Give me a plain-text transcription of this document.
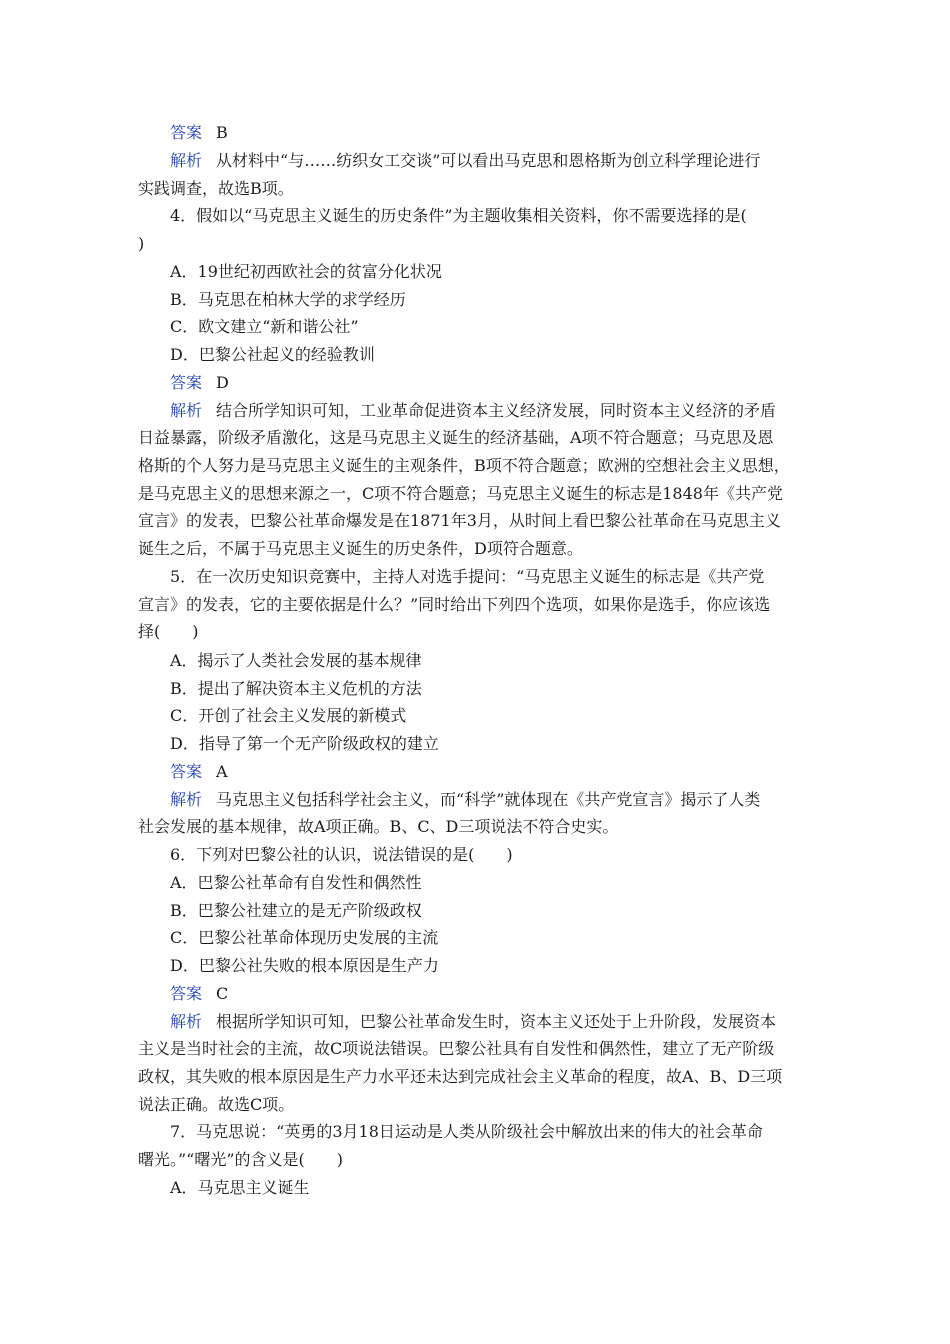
答案 B
解析 从材料中“与……纺织女工交谈”可以看出马克思和恩格斯为创立科学理论进行
实践调查，故选B项。
4．假如以“马克思主义诞生的历史条件”为主题收集相关资料，你不需要选择的是(
)
A．19世纪初西欧社会的贫富分化状况
B．马克思在柏林大学的求学经历
C．欧文建立“新和谐公社”
D．巴黎公社起义的经验教训
答案 D
解析 结合所学知识可知，工业革命促进资本主义经济发展，同时资本主义经济的矛盾
日益暴露，阶级矛盾激化，这是马克思主义诞生的经济基础，A项不符合题意；马克思及恩
格斯的个人努力是马克思主义诞生的主观条件，B项不符合题意；欧洲的空想社会主义思想，
是马克思主义的思想来源之一，C项不符合题意；马克思主义诞生的标志是1848年《共产党
宣言》的发表，巴黎公社革命爆发是在1871年3月，从时间上看巴黎公社革命在马克思主义
诞生之后，不属于马克思主义诞生的历史条件，D项符合题意。
5．在一次历史知识竞赛中，主持人对选手提问：“马克思主义诞生的标志是《共产党
宣言》的发表，它的主要依据是什么？”同时给出下列四个选项，如果你是选手，你应该选
择(　　)
A．揭示了人类社会发展的基本规律
B．提出了解决资本主义危机的方法
C．开创了社会主义发展的新模式
D．指导了第一个无产阶级政权的建立
答案 A
解析 马克思主义包括科学社会主义，而“科学”就体现在《共产党宣言》揭示了人类
社会发展的基本规律，故A项正确。B、C、D三项说法不符合史实。
6．下列对巴黎公社的认识，说法错误的是(　　)
A．巴黎公社革命有自发性和偶然性
B．巴黎公社建立的是无产阶级政权
C．巴黎公社革命体现历史发展的主流
D．巴黎公社失败的根本原因是生产力
答案 C
解析 根据所学知识可知，巴黎公社革命发生时，资本主义还处于上升阶段，发展资本
主义是当时社会的主流，故C项说法错误。巴黎公社具有自发性和偶然性，建立了无产阶级
政权，其失败的根本原因是生产力水平还未达到完成社会主义革命的程度，故A、B、D三项
说法正确。故选C项。
7．马克思说：“英勇的3月18日运动是人类从阶级社会中解放出来的伟大的社会革命
曙光。”“曙光”的含义是(　　)
A．马克思主义诞生
